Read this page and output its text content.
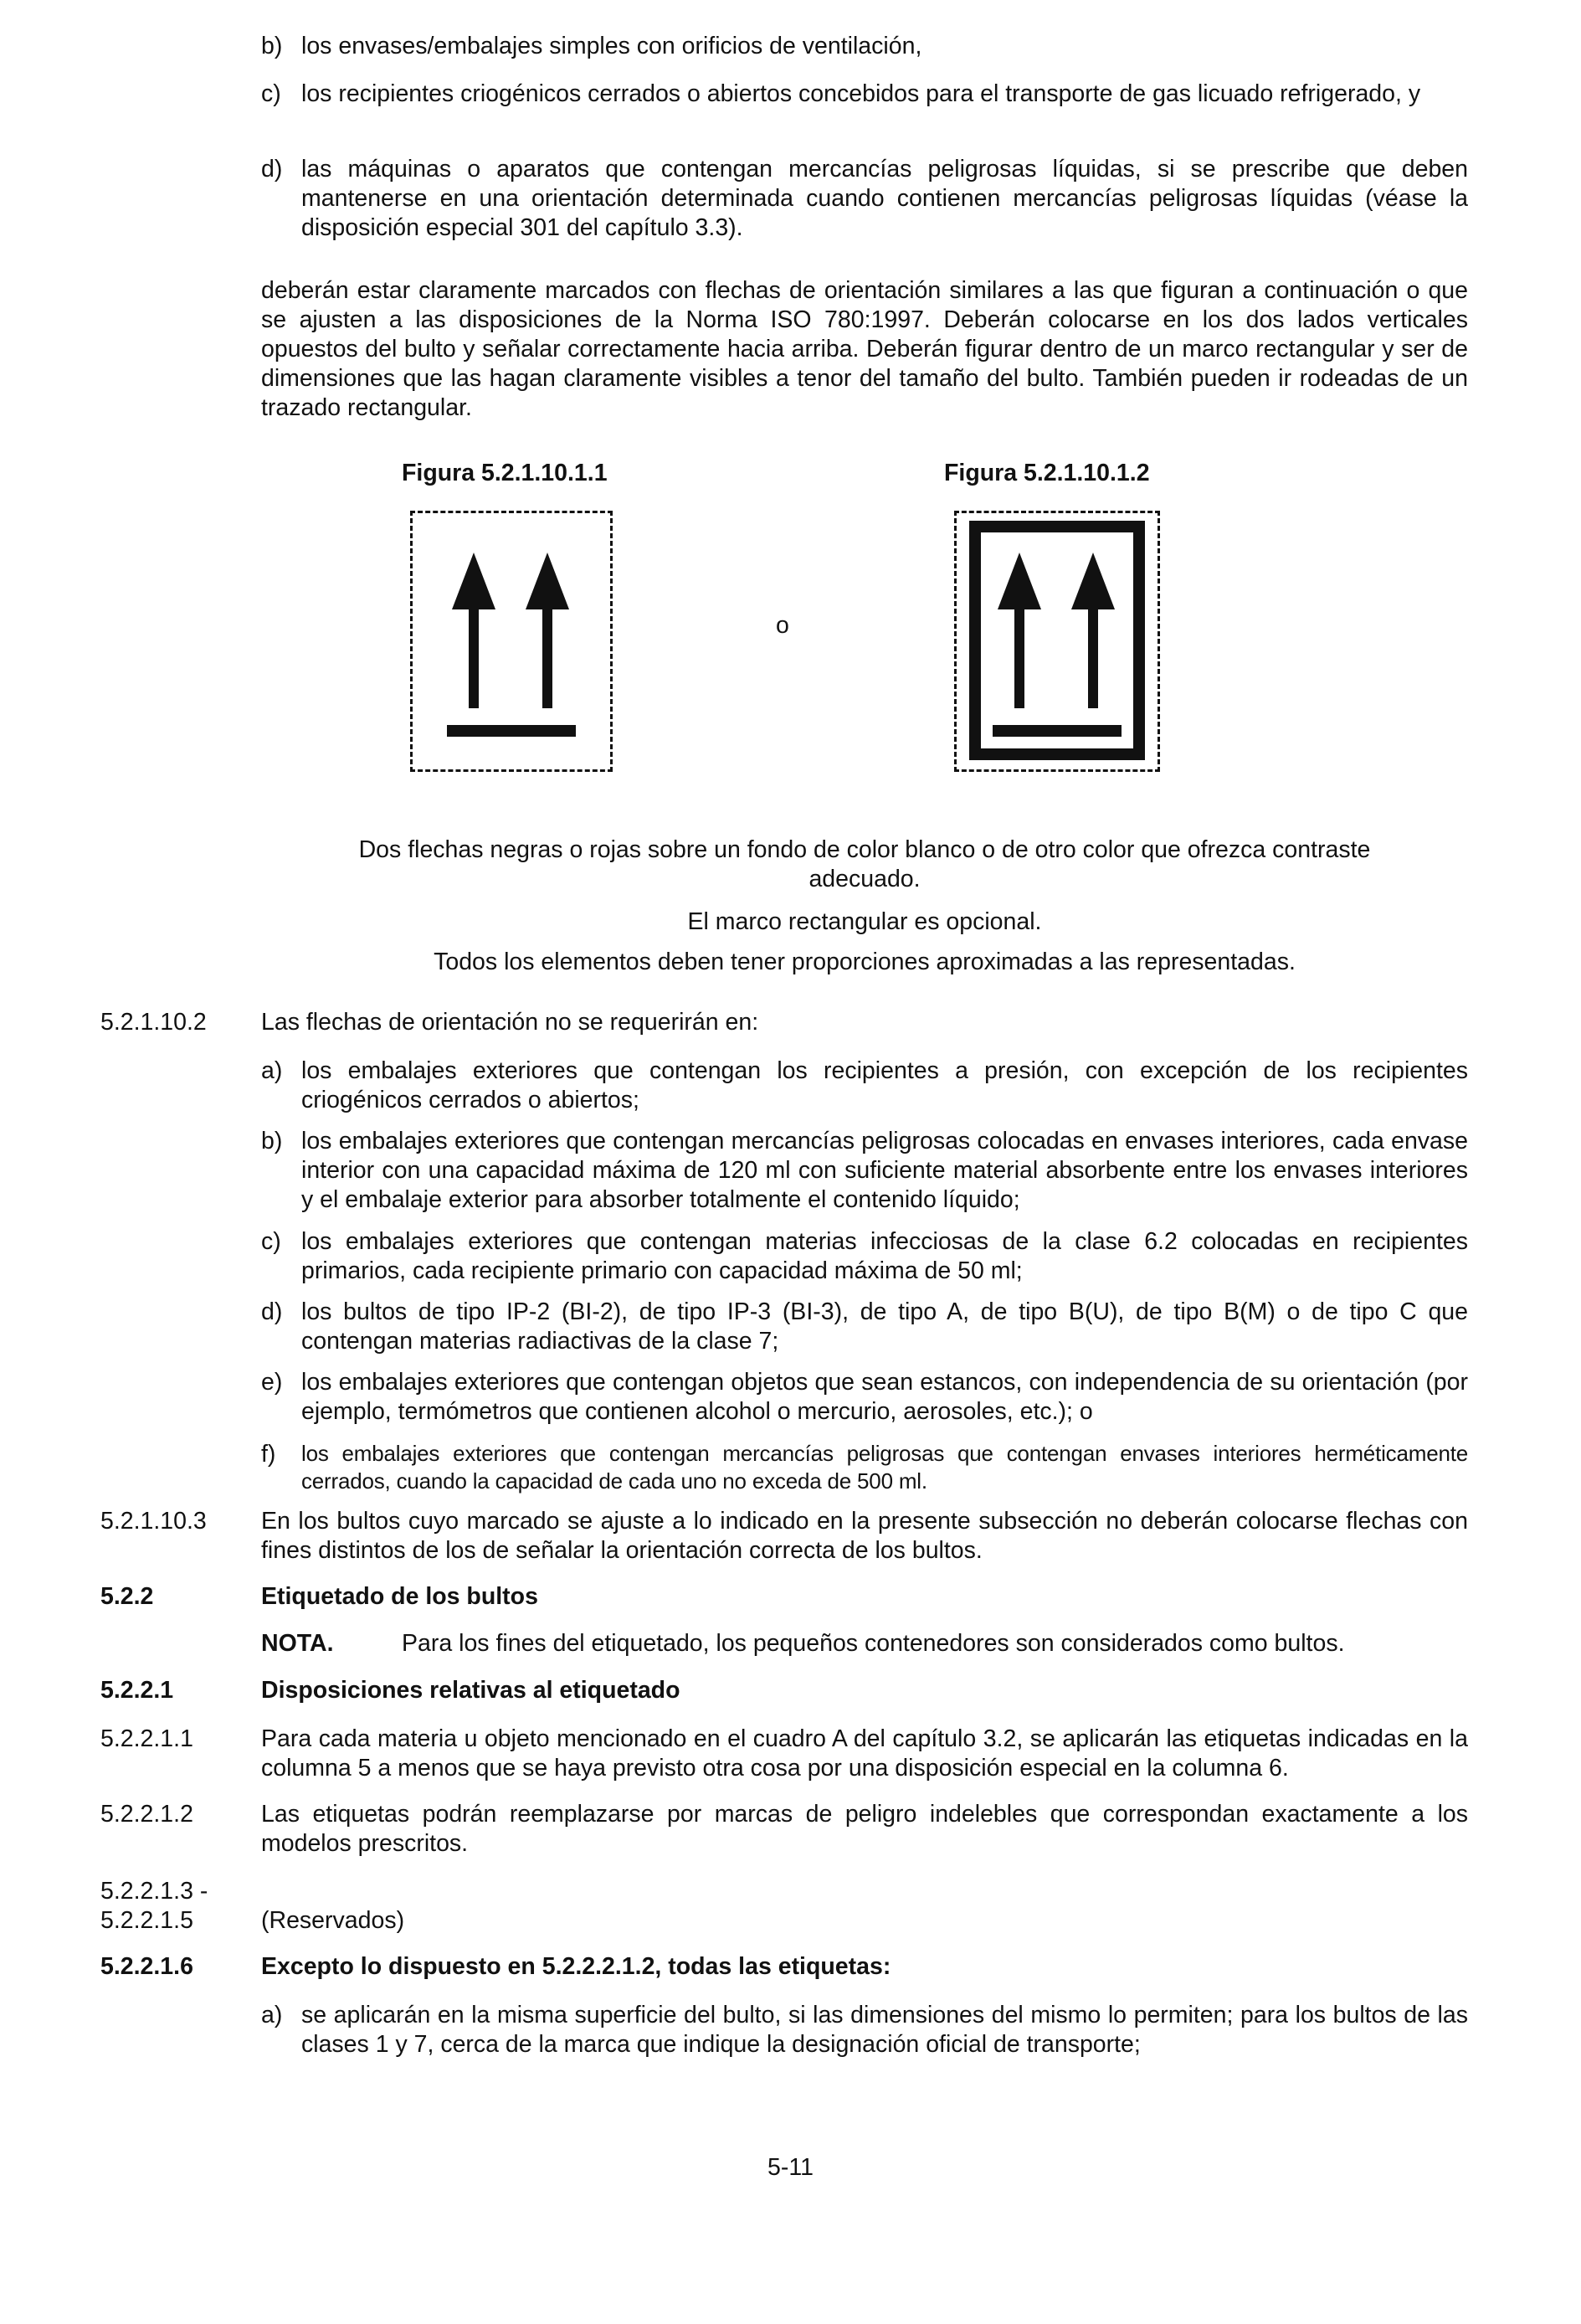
b) los envases/embalajes simples con orificios de ventilación,
c) los recipientes criogénicos cerrados o abiertos concebidos para el transporte de gas licuado refrigerado, y
d) las máquinas o aparatos que contengan mercancías peligrosas líquidas, si se prescribe que deben mantenerse en una orientación determinada cuando contienen mercancías peligrosas líquidas (véase la disposición especial 301 del capítulo 3.3).
deberán estar claramente marcados con flechas de orientación similares a las que figuran a continuación o que se ajusten a las disposiciones de la Norma ISO 780:1997. Deberán colocarse en los dos lados verticales opuestos del bulto y señalar correctamente hacia arriba. Deberán figurar dentro de un marco rectangular y ser de dimensiones que las hagan claramente visibles a tenor del tamaño del bulto. También pueden ir rodeadas de un trazado rectangular.
Figura 5.2.1.10.1.1	Figura 5.2.1.10.1.2
o
Dos flechas negras o rojas sobre un fondo de color blanco o de otro color que ofrezca contraste adecuado.
El marco rectangular es opcional.
Todos los elementos deben tener proporciones aproximadas a las representadas.
5.2.1.10.2	Las flechas de orientación no se requerirán en:
a) los embalajes exteriores que contengan los recipientes a presión, con excepción de los recipientes criogénicos cerrados o abiertos;
b) los embalajes exteriores que contengan mercancías peligrosas colocadas en envases interiores, cada envase interior con una capacidad máxima de 120 ml con suficiente material absorbente entre los envases interiores y el embalaje exterior para absorber totalmente el contenido líquido;
c) los embalajes exteriores que contengan materias infecciosas de la clase 6.2 colocadas en recipientes primarios, cada recipiente primario con capacidad máxima de 50 ml;
d) los bultos de tipo IP-2 (BI-2), de tipo IP-3 (BI-3), de tipo A, de tipo B(U), de tipo B(M) o de tipo C que contengan materias radiactivas de la clase 7;
e) los embalajes exteriores que contengan objetos que sean estancos, con independencia de su orientación (por ejemplo, termómetros que contienen alcohol o mercurio, aerosoles, etc.); o
f) los embalajes exteriores que contengan mercancías peligrosas que contengan envases interiores herméticamente cerrados, cuando la capacidad de cada uno no exceda de 500 ml.
5.2.1.10.3	En los bultos cuyo marcado se ajuste a lo indicado en la presente subsección no deberán colocarse flechas con fines distintos de los de señalar la orientación correcta de los bultos.
5.2.2	Etiquetado de los bultos
NOTA.	Para los fines del etiquetado, los pequeños contenedores son considerados como bultos.
5.2.2.1	Disposiciones relativas al etiquetado
5.2.2.1.1	Para cada materia u objeto mencionado en el cuadro A del capítulo 3.2, se aplicarán las etiquetas indicadas en la columna 5 a menos que se haya previsto otra cosa por una disposición especial en la columna 6.
5.2.2.1.2	Las etiquetas podrán reemplazarse por marcas de peligro indelebles que correspondan exactamente a los modelos prescritos.
5.2.2.1.3 -
5.2.2.1.5	(Reservados)
5.2.2.1.6	Excepto lo dispuesto en 5.2.2.2.1.2, todas las etiquetas:
a) se aplicarán en la misma superficie del bulto, si las dimensiones del mismo lo permiten; para los bultos de las clases 1 y 7, cerca de la marca que indique la designación oficial de transporte;
5-11
